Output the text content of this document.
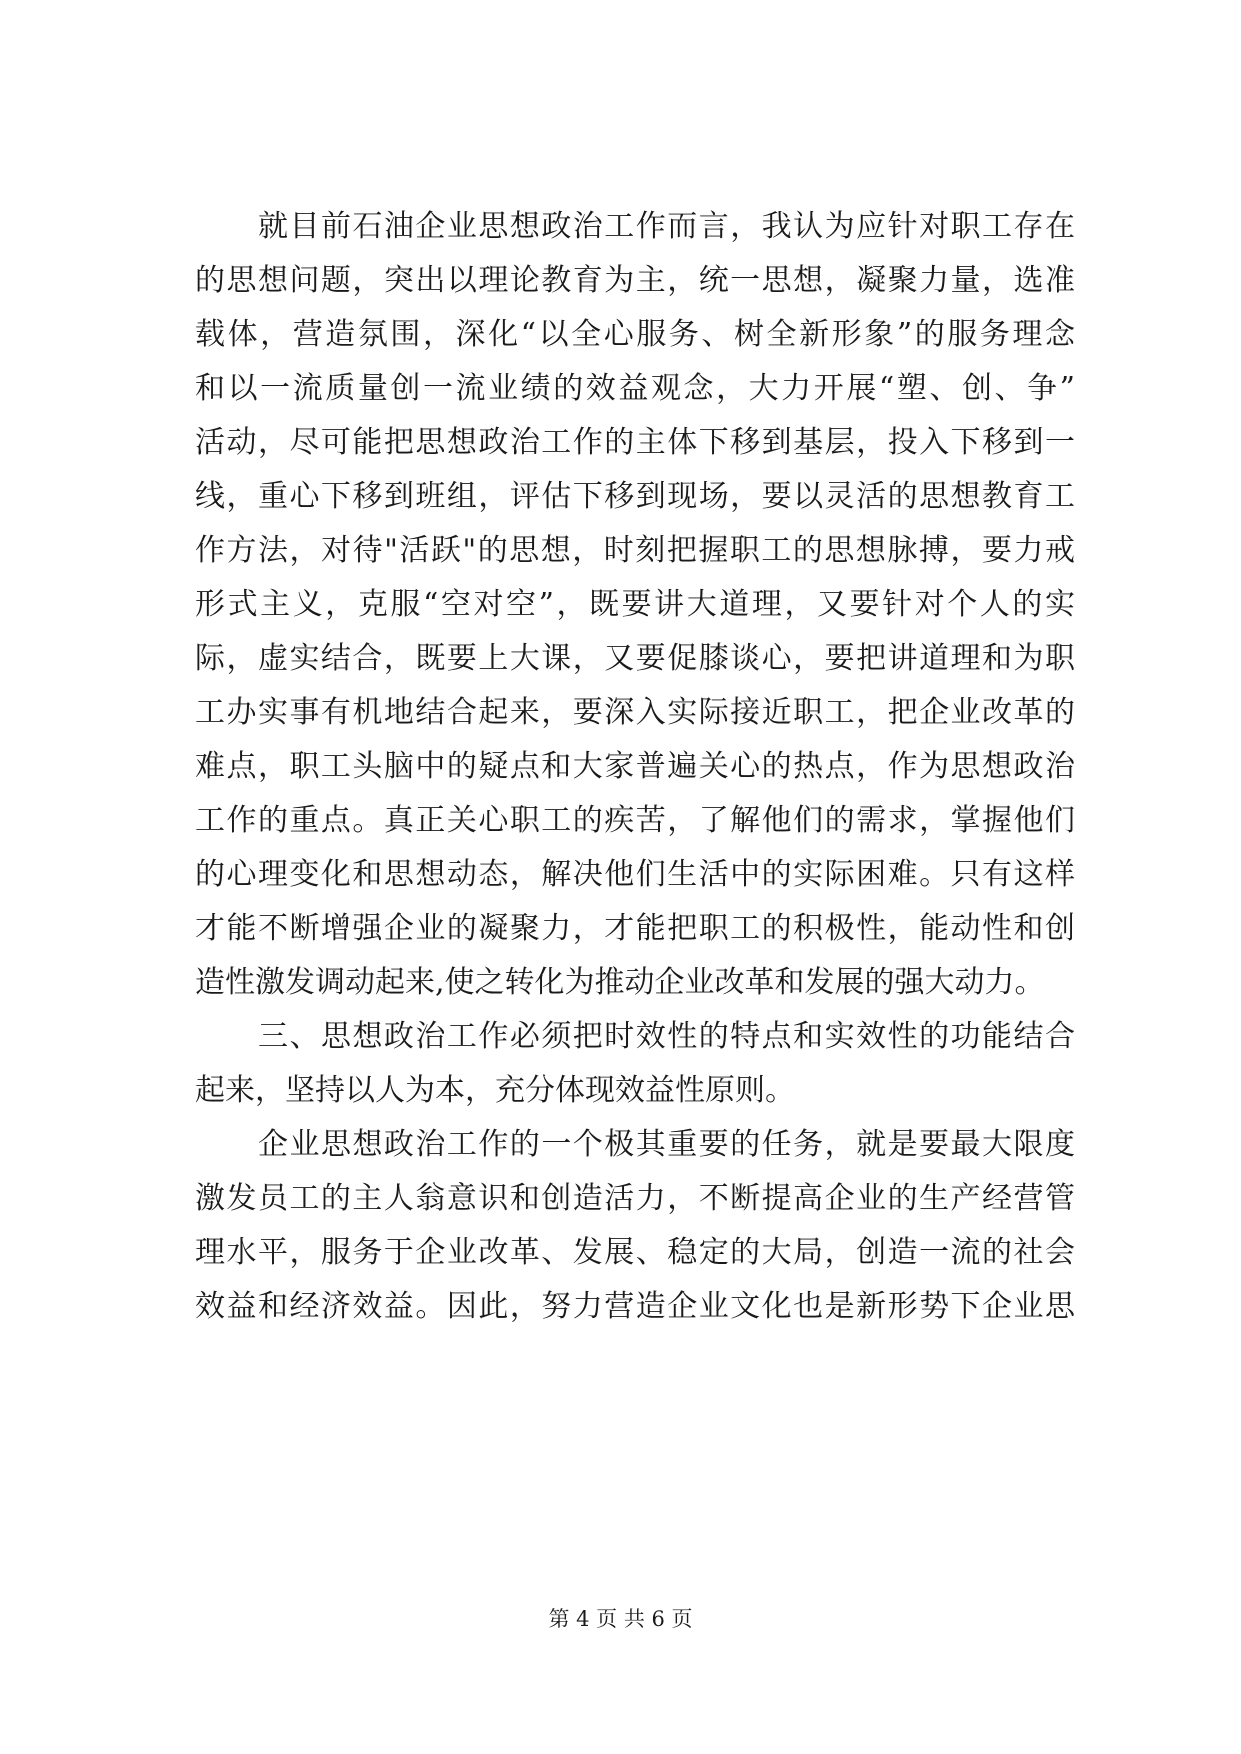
就目前石油企业思想政治工作而言，我认为应针对职工存在
的思想问题，突出以理论教育为主，统一思想，凝聚力量，选准
载体，营造氛围，深化“以全心服务、树全新形象”的服务理念
和以一流质量创一流业绩的效益观念，大力开展“塑、创、争”
活动，尽可能把思想政治工作的主体下移到基层，投入下移到一
线，重心下移到班组，评估下移到现场，要以灵活的思想教育工
作方法，对待"活跃"的思想，时刻把握职工的思想脉搏，要力戒
形式主义，克服“空对空”，既要讲大道理，又要针对个人的实
际，虚实结合，既要上大课，又要促膝谈心，要把讲道理和为职
工办实事有机地结合起来，要深入实际接近职工，把企业改革的
难点，职工头脑中的疑点和大家普遍关心的热点，作为思想政治
工作的重点。真正关心职工的疾苦，了解他们的需求，掌握他们
的心理变化和思想动态，解决他们生活中的实际困难。只有这样
才能不断增强企业的凝聚力，才能把职工的积极性，能动性和创
造性激发调动起来,使之转化为推动企业改革和发展的强大动力。
三、思想政治工作必须把时效性的特点和实效性的功能结合
起来，坚持以人为本，充分体现效益性原则。
企业思想政治工作的一个极其重要的任务，就是要最大限度
激发员工的主人翁意识和创造活力，不断提高企业的生产经营管
理水平，服务于企业改革、发展、稳定的大局，创造一流的社会
效益和经济效益。因此，努力营造企业文化也是新形势下企业思
第 4 页 共 6 页
